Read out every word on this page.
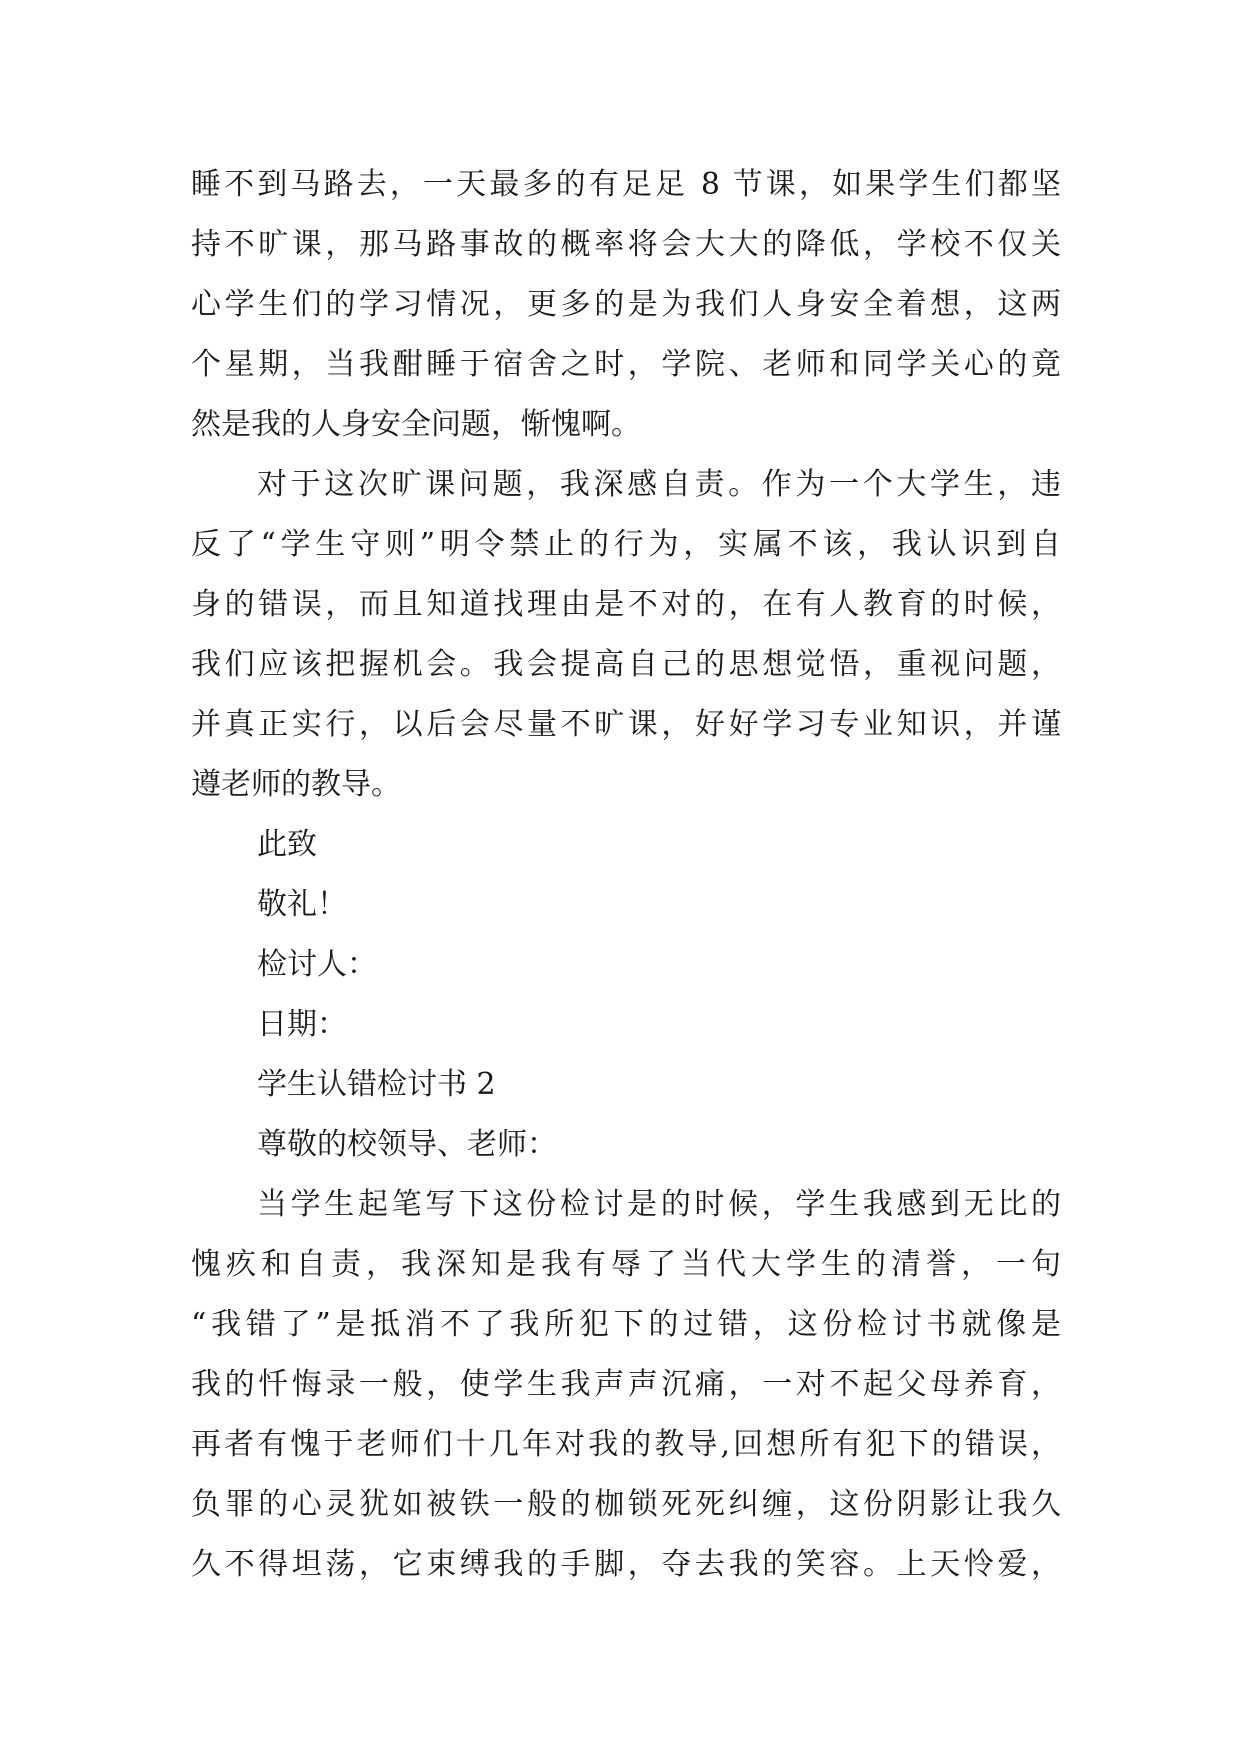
睡不到马路去，一天最多的有足足 8 节课，如果学生们都坚
持不旷课，那马路事故的概率将会大大的降低，学校不仅关
心学生们的学习情况，更多的是为我们人身安全着想，这两
个星期，当我酣睡于宿舍之时，学院、老师和同学关心的竟
然是我的人身安全问题，惭愧啊。
对于这次旷课问题，我深感自责。作为一个大学生，违
反了“学生守则”明令禁止的行为，实属不该，我认识到自
身的错误，而且知道找理由是不对的，在有人教育的时候，
我们应该把握机会。我会提高自己的思想觉悟，重视问题，
并真正实行，以后会尽量不旷课，好好学习专业知识，并谨
遵老师的教导。
此致
敬礼！
检讨人：
日期：
学生认错检讨书 2
尊敬的校领导、老师：
当学生起笔写下这份检讨是的时候，学生我感到无比的
愧疚和自责，我深知是我有辱了当代大学生的清誉，一句
“我错了”是抵消不了我所犯下的过错，这份检讨书就像是
我的忏悔录一般，使学生我声声沉痛，一对不起父母养育，
再者有愧于老师们十几年对我的教导,回想所有犯下的错误，
负罪的心灵犹如被铁一般的枷锁死死纠缠，这份阴影让我久
久不得坦荡，它束缚我的手脚，夺去我的笑容。上天怜爱，
